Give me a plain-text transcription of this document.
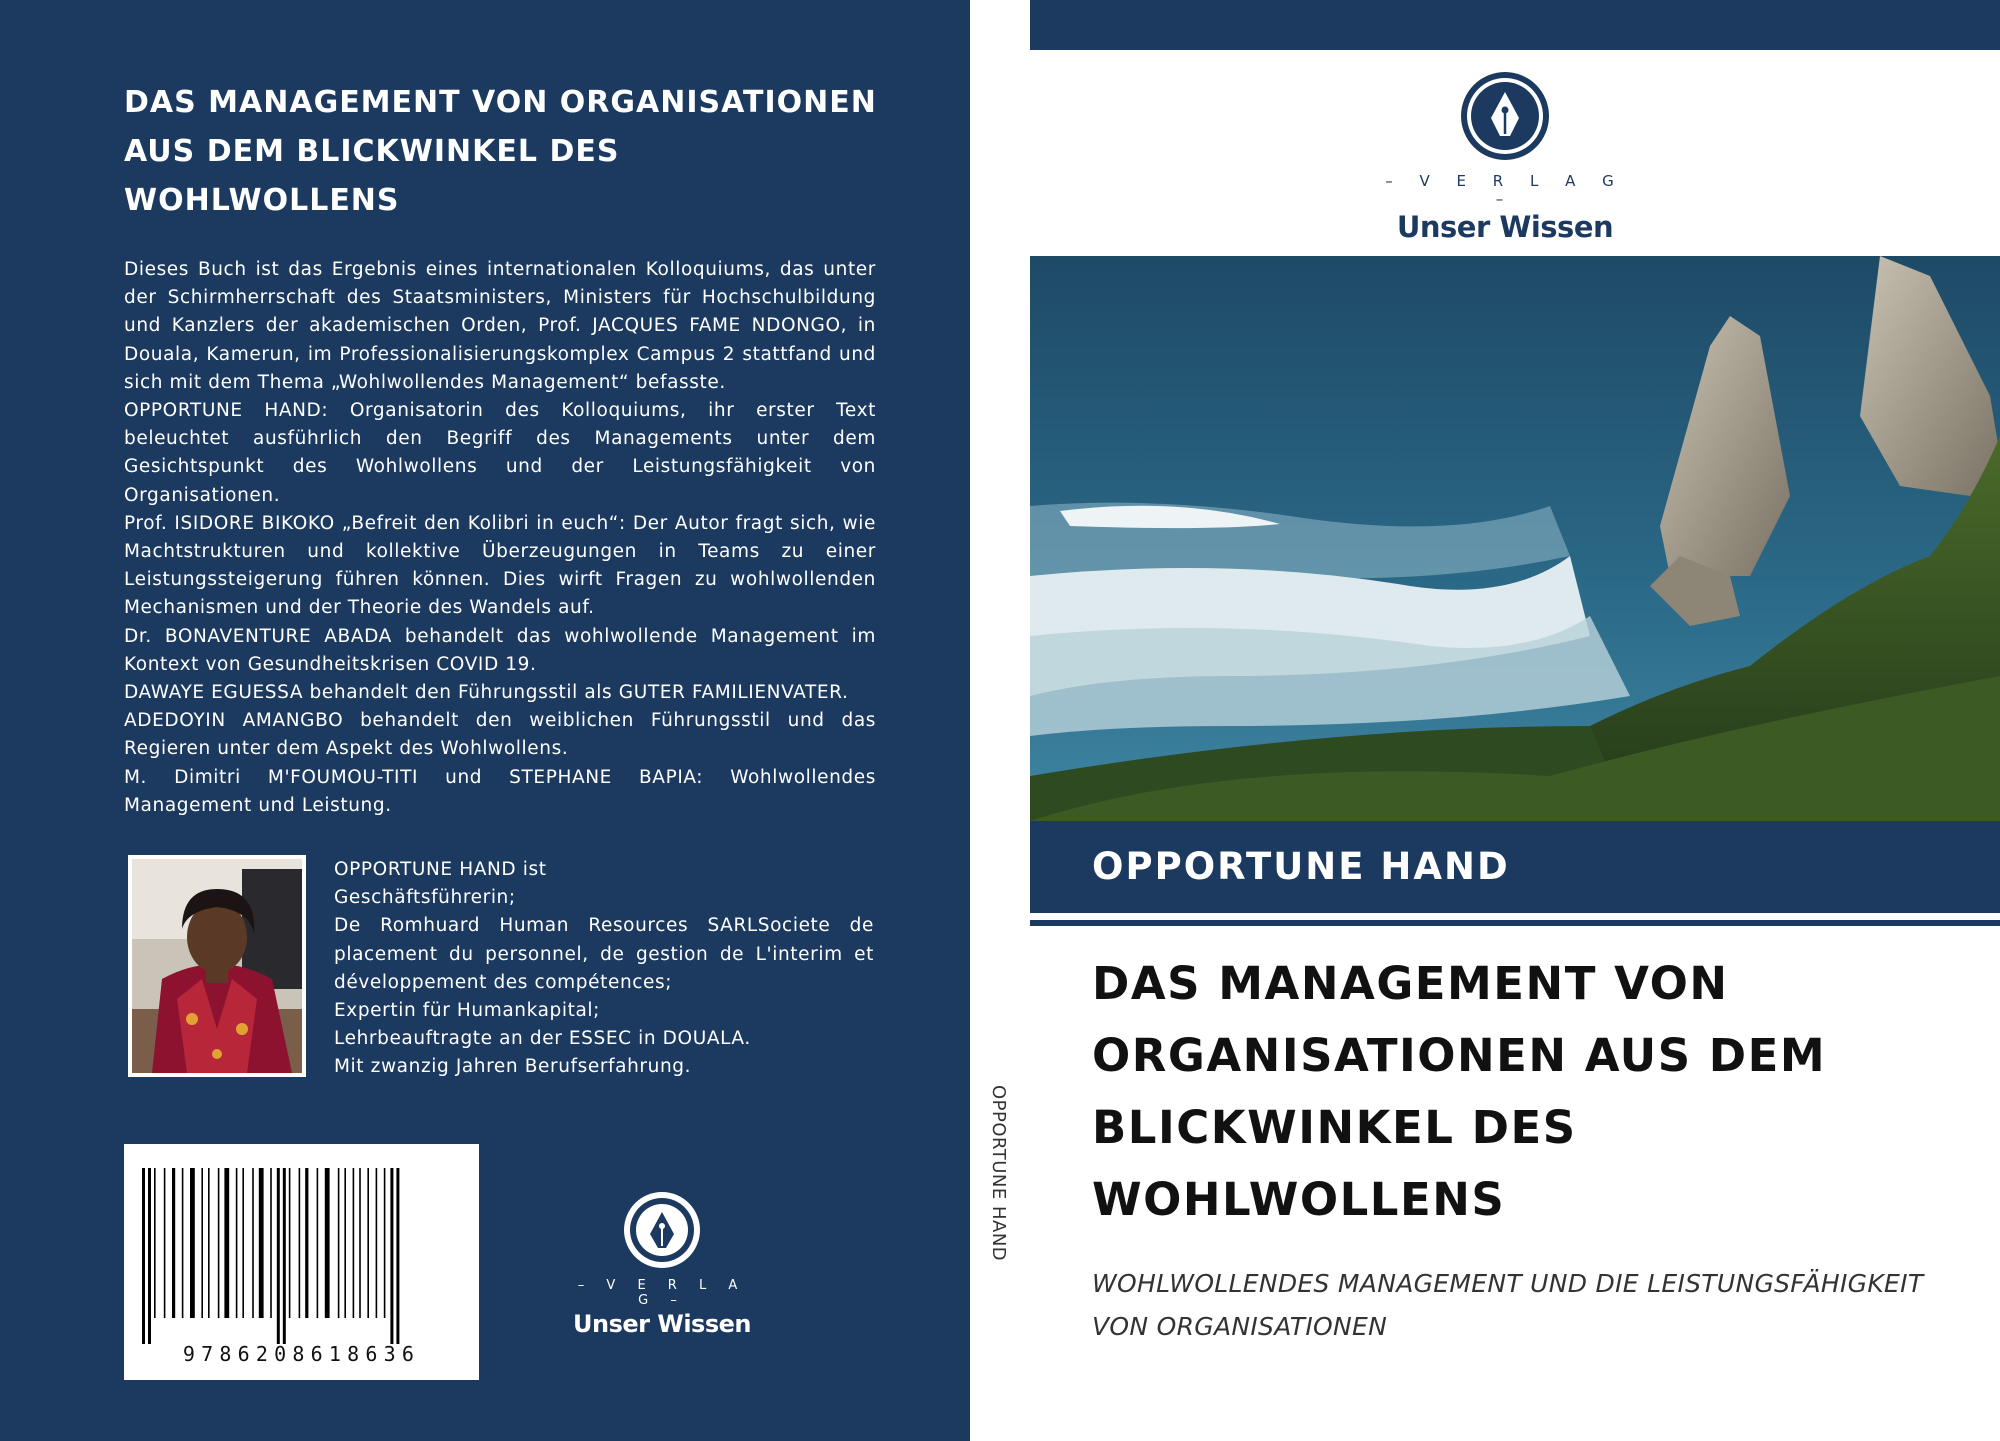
DAS MANAGEMENT VON ORGANISATIONEN AUS DEM BLICKWINKEL DES WOHLWOLLENS

Dieses Buch ist das Ergebnis eines internationalen Kolloquiums, das unter der Schirmherrschaft des Staatsministers, Ministers für Hochschulbildung und Kanzlers der akademischen Orden, Prof. JACQUES FAME NDONGO, in Douala, Kamerun, im Professionalisierungskomplex Campus 2 stattfand und sich mit dem Thema „Wohlwollendes Management“ befasste.

OPPORTUNE HAND: Organisatorin des Kolloquiums, ihr erster Text beleuchtet ausführlich den Begriff des Managements unter dem Gesichtspunkt des Wohlwollens und der Leistungsfähigkeit von Organisationen.

Prof. ISIDORE BIKOKO „Befreit den Kolibri in euch“: Der Autor fragt sich, wie Machtstrukturen und kollektive Überzeugungen in Teams zu einer Leistungssteigerung führen können. Dies wirft Fragen zu wohlwollenden Mechanismen und der Theorie des Wandels auf.

Dr. BONAVENTURE ABADA behandelt das wohlwollende Management im Kontext von Gesundheitskrisen COVID 19.

DAWAYE EGUESSA behandelt den Führungsstil als GUTER FAMILIENVATER.

ADEDOYIN AMANGBO behandelt den weiblichen Führungsstil und das Regieren unter dem Aspekt des Wohlwollens.

M. Dimitri M'FOUMOU-TITI und STEPHANE BAPIA: Wohlwollendes Management und Leistung.

OPPORTUNE HAND ist

Geschäftsführerin;

De Romhuard Human Resources SARLSociete de placement du personnel, de gestion de L'interim et développement des compétences;

Expertin für Humankapital;

Lehrbeauftragte an der ESSEC in DOUALA.

Mit zwanzig Jahren Berufserfahrung.

9786208618636
– V E R L A G –
Unser Wissen
OPPORTUNE HAND
– V E R L A G –
Unser Wissen
OPPORTUNE HAND
DAS MANAGEMENT VON ORGANISATIONEN AUS DEM BLICKWINKEL DES WOHLWOLLENS
WOHLWOLLENDES MANAGEMENT UND DIE LEISTUNGSFÄHIGKEIT VON ORGANISATIONEN
